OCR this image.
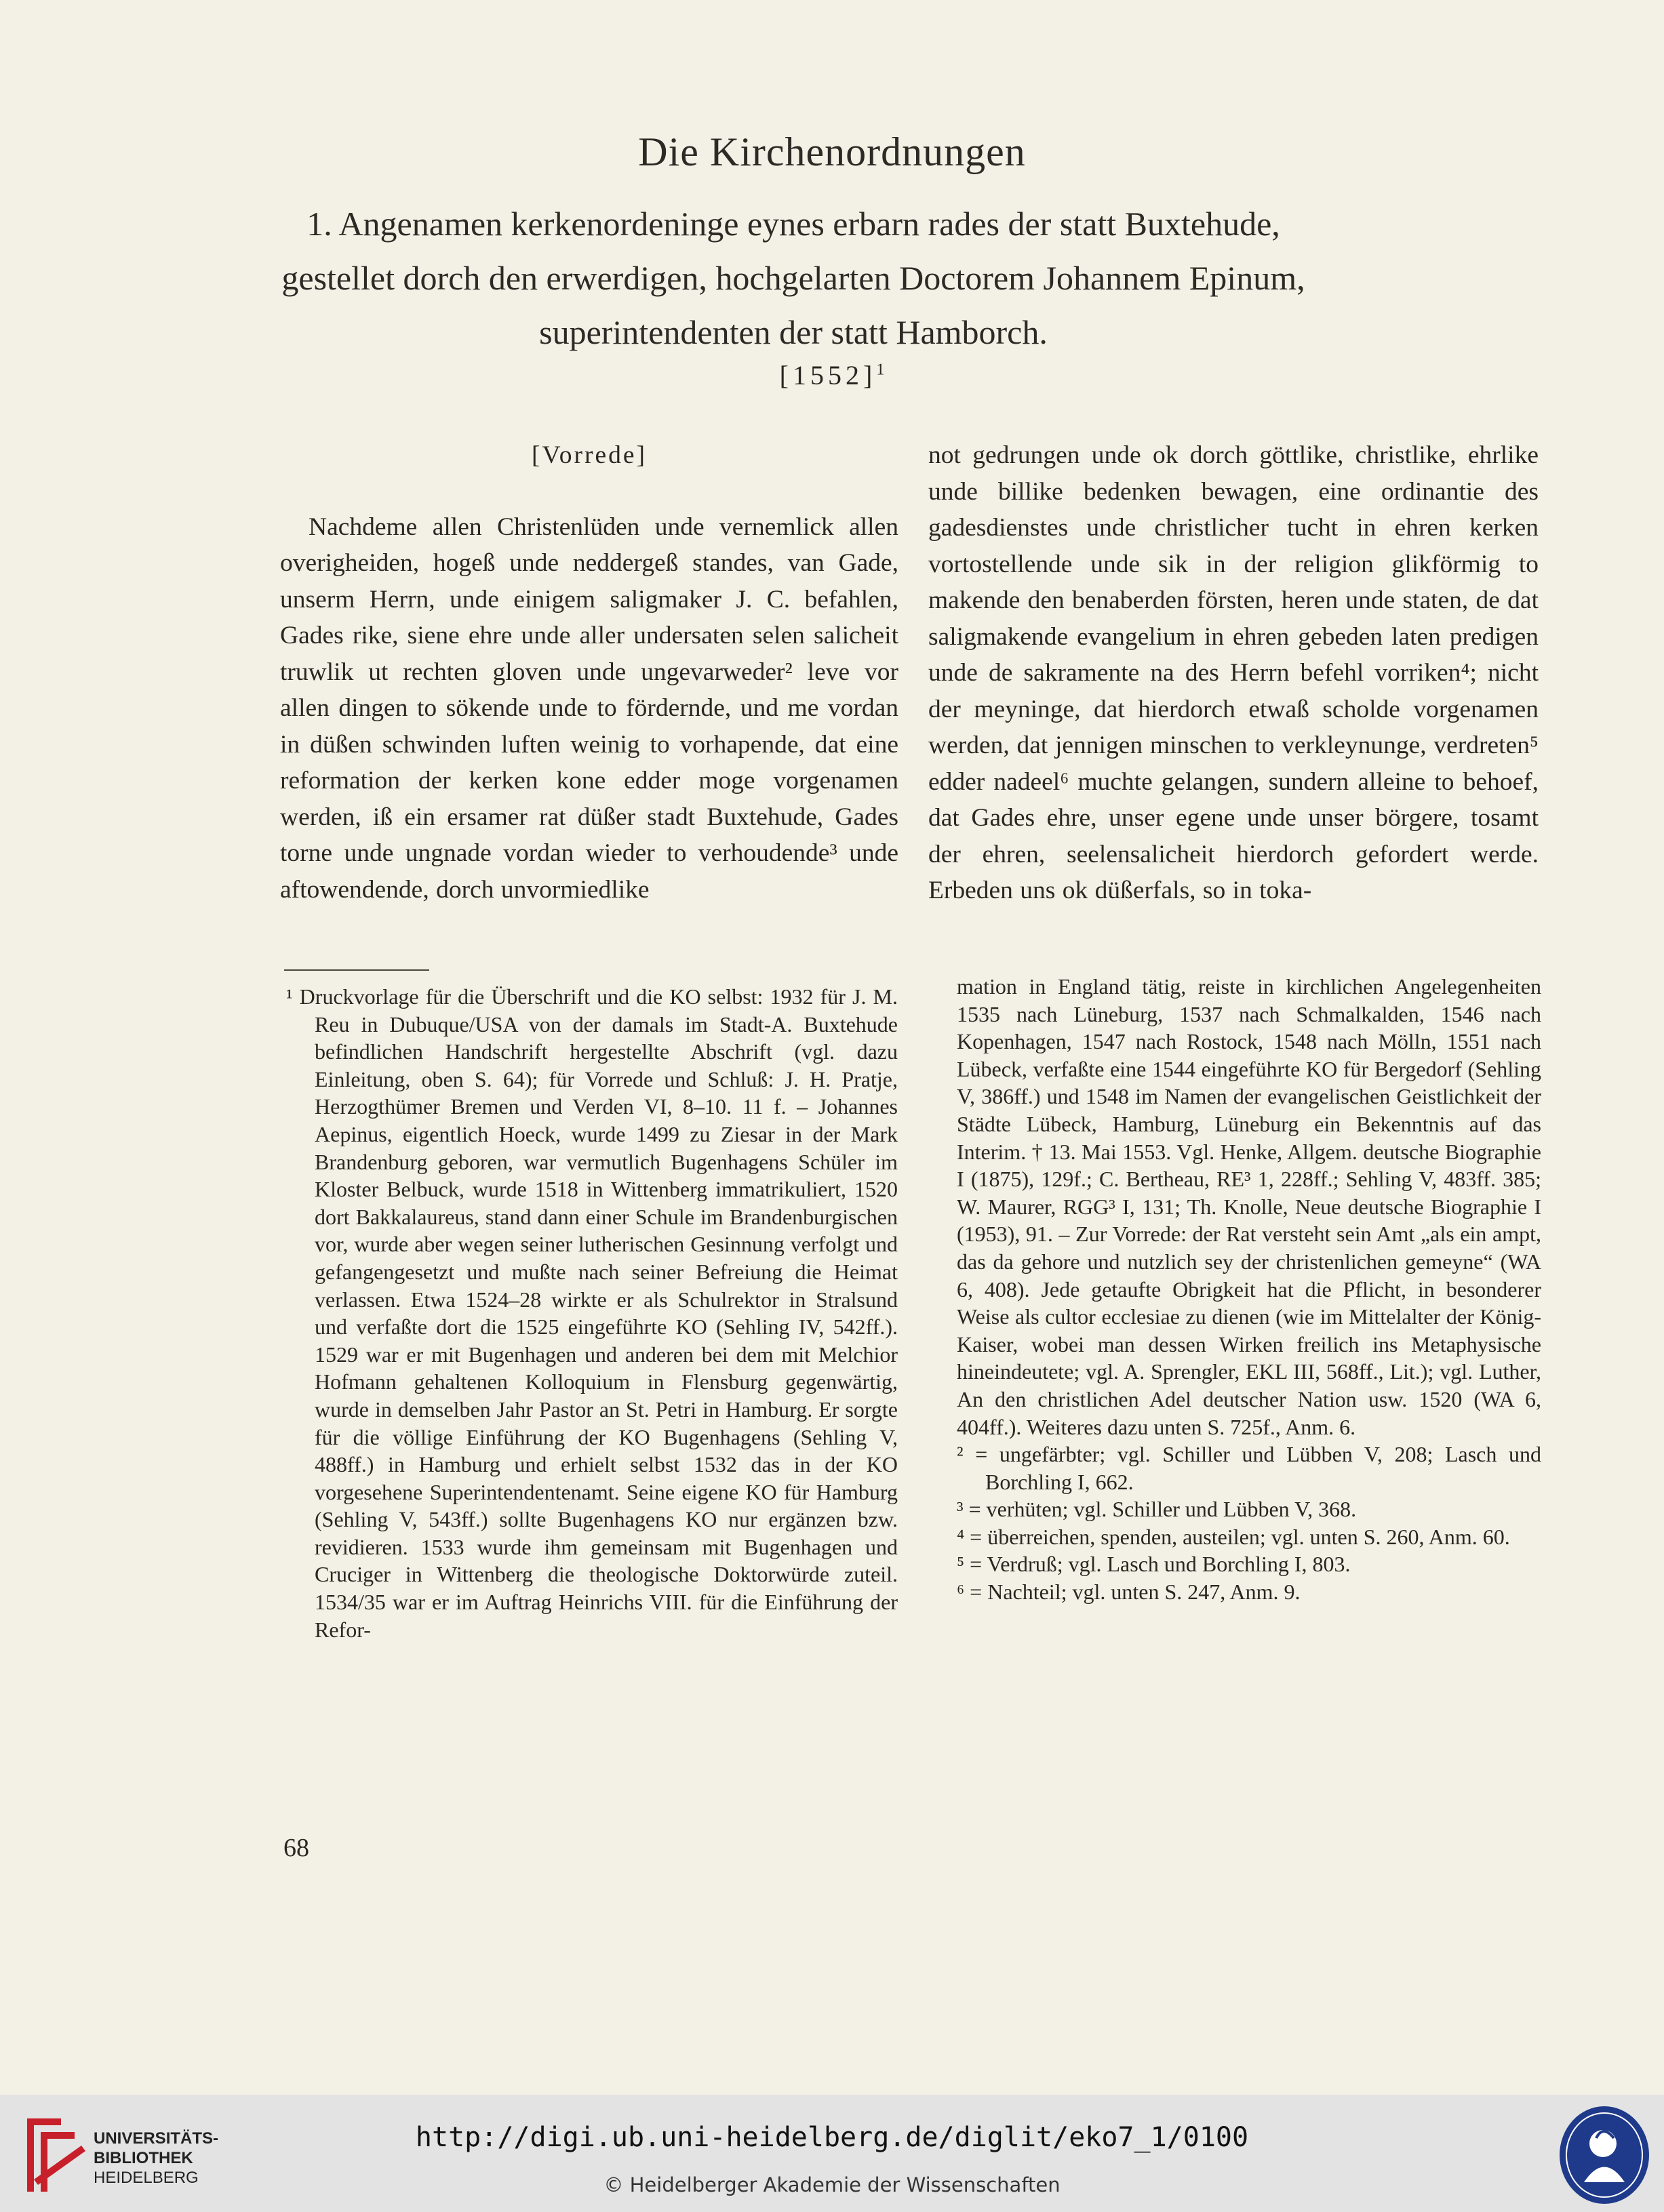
Die Kirchenordnungen
1. Angenamen kerkenordeninge eynes erbarn rades der statt Buxtehude, gestellet dorch den erwerdigen, hochgelarten Doctorem Johannem Epinum, superintendenten der statt Hamborch.
$[1552]^1$

[Vorrede]

Nachdeme allen Christenlüden unde vernemlick allen overigheiden, hogeß unde neddergeß standes, van Gade, unserm Herrn, unde einigem saligmaker J. C. befahlen, Gades rike, siene ehre unde aller undersaten selen salicheit truwlik ut rechten gloven unde ungevarweder² leve vor allen dingen to sökende unde to fördernde, und me vordan in düßen schwinden luften weinig to vorhapende, dat eine reformation der kerken kone edder moge vorgenamen werden, iß ein ersamer rat düßer stadt Buxtehude, Gades torne unde ungnade vordan wieder to verhoudende³ unde aftowendende, dorch unvormiedlike

not gedrungen unde ok dorch göttlike, christlike, ehrlike unde billike bedenken bewagen, eine ordinantie des gadesdienstes unde christlicher tucht in ehren kerken vortostellende unde sik in der religion glikförmig to makende den benaberden försten, heren unde staten, de dat saligmakende evangelium in ehren gebeden laten predigen unde de sakramente na des Herrn befehl vorriken⁴; nicht der meyninge, dat hierdorch etwaß scholde vorgenamen werden, dat jennigen minschen to verkleynunge, verdreten⁵ edder nadeel⁶ muchte gelangen, sundern alleine to behoef, dat Gades ehre, unser egene unde unser börgere, tosamt der ehren, seelensalicheit hierdorch gefordert werde. Erbeden uns ok düßerfals, so in toka-

¹ Druckvorlage für die Überschrift und die KO selbst: 1932 für J. M. Reu in Dubuque/USA von der damals im Stadt-A. Buxtehude befindlichen Handschrift hergestellte Abschrift (vgl. dazu Einleitung, oben S. 64); für Vorrede und Schluß: J. H. Pratje, Herzogthümer Bremen und Verden VI, 8–10. 11 f. – Johannes Aepinus, eigentlich Hoeck, wurde 1499 zu Ziesar in der Mark Brandenburg geboren, war vermutlich Bugenhagens Schüler im Kloster Belbuck, wurde 1518 in Wittenberg immatrikuliert, 1520 dort Bakkalaureus, stand dann einer Schule im Brandenburgischen vor, wurde aber wegen seiner lutherischen Gesinnung verfolgt und gefangengesetzt und mußte nach seiner Befreiung die Heimat verlassen. Etwa 1524–28 wirkte er als Schulrektor in Stralsund und verfaßte dort die 1525 eingeführte KO (Sehling IV, 542ff.). 1529 war er mit Bugenhagen und anderen bei dem mit Melchior Hofmann gehaltenen Kolloquium in Flensburg gegenwärtig, wurde in demselben Jahr Pastor an St. Petri in Hamburg. Er sorgte für die völlige Einführung der KO Bugenhagens (Sehling V, 488ff.) in Hamburg und erhielt selbst 1532 das in der KO vorgesehene Superintendentenamt. Seine eigene KO für Hamburg (Sehling V, 543ff.) sollte Bugenhagens KO nur ergänzen bzw. revidieren. 1533 wurde ihm gemeinsam mit Bugenhagen und Cruciger in Wittenberg die theologische Doktorwürde zuteil. 1534/35 war er im Auftrag Heinrichs VIII. für die Einführung der Refor-

mation in England tätig, reiste in kirchlichen Angelegenheiten 1535 nach Lüneburg, 1537 nach Schmalkalden, 1546 nach Kopenhagen, 1547 nach Rostock, 1548 nach Mölln, 1551 nach Lübeck, verfaßte eine 1544 eingeführte KO für Bergedorf (Sehling V, 386ff.) und 1548 im Namen der evangelischen Geistlichkeit der Städte Lübeck, Hamburg, Lüneburg ein Bekenntnis auf das Interim. † 13. Mai 1553. Vgl. Henke, Allgem. deutsche Biographie I (1875), 129f.; C. Bertheau, RE³ 1, 228ff.; Sehling V, 483ff. 385; W. Maurer, RGG³ I, 131; Th. Knolle, Neue deutsche Biographie I (1953), 91. – Zur Vorrede: der Rat versteht sein Amt „als ein ampt, das da gehore und nutzlich sey der christenlichen gemeyne“ (WA 6, 408). Jede getaufte Obrigkeit hat die Pflicht, in besonderer Weise als cultor ecclesiae zu dienen (wie im Mittelalter der König-Kaiser, wobei man dessen Wirken freilich ins Metaphysische hineindeutete; vgl. A. Sprengler, EKL III, 568ff., Lit.); vgl. Luther, An den christlichen Adel deutscher Nation usw. 1520 (WA 6, 404ff.). Weiteres dazu unten S. 725f., Anm. 6.

² = ungefärbter; vgl. Schiller und Lübben V, 208; Lasch und Borchling I, 662.

³ = verhüten; vgl. Schiller und Lübben V, 368.

⁴ = überreichen, spenden, austeilen; vgl. unten S. 260, Anm. 60.

⁵ = Verdruß; vgl. Lasch und Borchling I, 803.

⁶ = Nachteil; vgl. unten S. 247, Anm. 9.

68
UNIVERSITÄTS-
BIBLIOTHEK
HEIDELBERG
http://digi.ub.uni-heidelberg.de/diglit/eko7_1/0100
© Heidelberger Akademie der Wissenschaften
